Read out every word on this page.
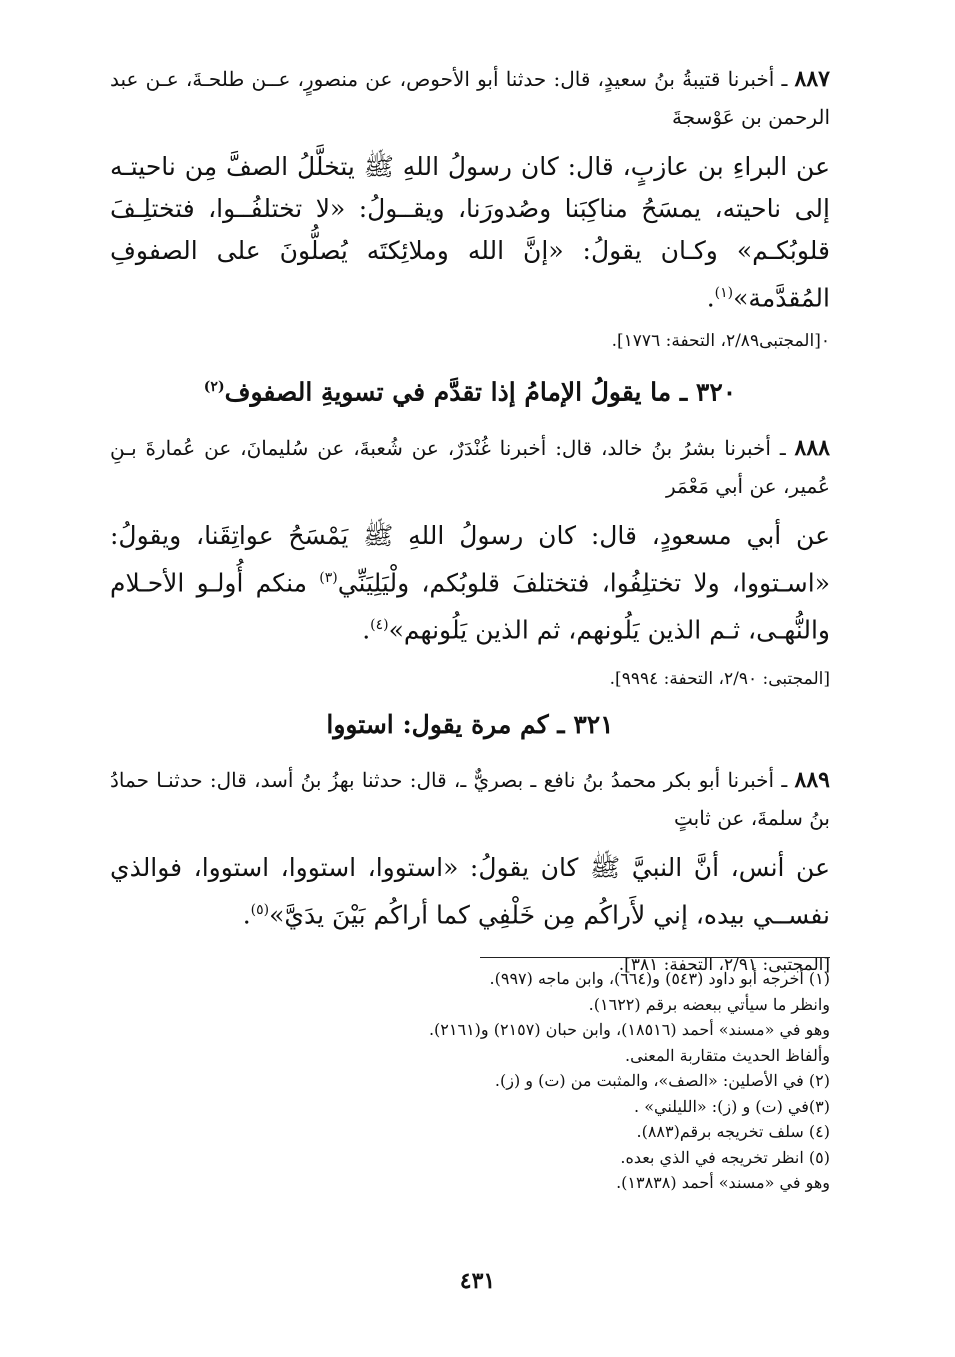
٨٨٧ ـ أخبرنا قتيبةُ بنُ سعيدٍ، قال: حدثنا أبو الأحوص، عن منصورٍ، عــن طلحـةَ، عـن عبد الرحمن بن عَوْسجةَ

عن البراءِ بن عازبٍ، قال: كان رسولُ اللهِ ﷺ يتخلَّلُ الصفَّ مِن ناحيتـه إلى ناحيته، يمسَحُ مناكِبَنا وصُدورَنا، ويقــولُ: «لا تختلفُــوا، فتختلِـفَ قلوبُكـم» وكـان يقولُ: «إنَّ الله وملائِكتَه يُصلُّونَ على الصفوفِ المُقدَّمة»$^{(١)}$.

٠[المجتبى٢/٨٩، التحفة: ١٧٧٦].

٣٢٠ ـ ما يقولُ الإمامُ إذا تقدَّم في تسويةِ الصفوف$^{(٢)}$

٨٨٨ ـ أخبرنا بشرُ بنُ خالد، قال: أخبرنا غُنْدَرٌ، عن شُعبةَ، عن سُليمانَ، عن عُمارةَ بـنِ عُمير، عن أبي مَعْمَر

عن أبي مسعودٍ، قال: كان رسولُ اللهِ ﷺ يَمْسَحُ عواتِقَنا، ويقولُ: «اسـتووا، ولا تختلِفُوا، فتختلفَ قلوبُكم، ولْيَلِيَنِّي$^{(٣)}$ منكم أُولـو الأحـلام والنُّهـى، ثـم الذين يَلُونهم، ثم الذين يَلُونهم»$^{(٤)}$.

[المجتبى: ٢/٩٠، التحفة: ٩٩٩٤].

٣٢١ ـ كم مرة يقول: استووا

٨٨٩ ـ أخبرنا أبو بكر محمدُ بنُ نافع ـ بصريٌّ ـ، قال: حدثنا بهزُ بنُ أسد، قال: حدثنـا حمادُ بنُ سلمةَ، عن ثابتٍ

عن أنس، أنَّ النبيَّ ﷺ كان يقولُ: «استووا، استووا، استووا، فوالذي نفســي بيده، إني لأَراكُم مِن خَلْفِي كما أراكُم بَيْنَ يدَيَّ»$^{(٥)}$.

[المجتبى: ٢/٩١، التحفة: ٣٨١].

(١) أخرجه أبو داود (٥٤٣) و(٦٦٤)، وابن ماجه (٩٩٧).

وانظر ما سيأتي ببعضه برقم (١٦٢٢).

وهو في «مسند» أحمد (١٨٥١٦)، وابن حبان (٢١٥٧) و(٢١٦١).

وألفاظ الحديث متقاربة المعنى.

(٢) في الأصلين: «الصف»، والمثبت من (ت) و (ز).

(٣)في (ت) و (ز): «الليلني» .

(٤) سلف تخريجه برقم(٨٨٣).

(٥) انظر تخريجه في الذي بعده.

وهو في «مسند» أحمد (١٣٨٣٨).

٤٣١
